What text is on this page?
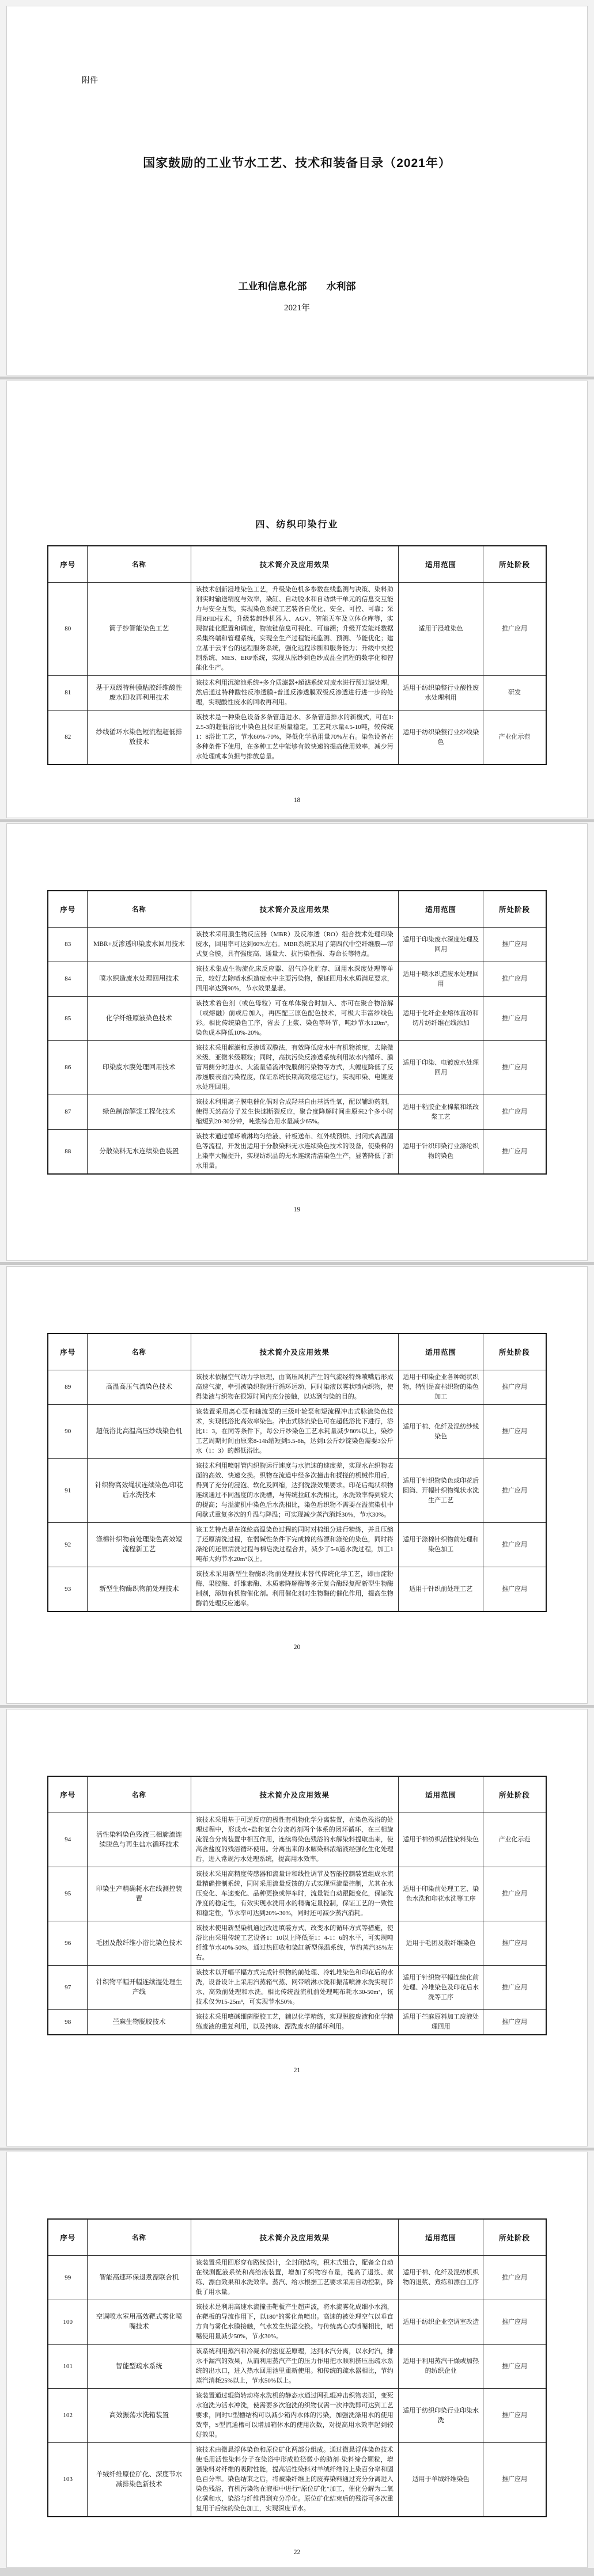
附件
国家鼓励的工业节水工艺、技术和装备目录（2021年）
工业和信息化部　　水利部
2021年
四、纺织印染行业
序号	名称	技术简介及应用效果	适用范围	所处阶段
80	筒子纱智能染色工艺	该技术创新浸堆染色工艺，升级染色机多参数在线监测与决策、染料助剂实时输送精度与效率，染缸、自动脱水和自动烘干单元的信息交互能力与安全互锁，实现染色系统工艺装备自优化、安全、可控、可靠；采用RFID技术，升级装卸纱机器人、AGV、智能天车及立体仓库等，实现智能化配置和调度，物流链信息可视化、可追溯；升级开发能耗数据采集终端和管理系统，实现全生产过程能耗监测、预测、节能优化；建立基于云平台的远程服务系统，强化远程诊断和服务能力；升级中央控制系统、MES、ERP系统，实现从原纱到色纱成品全流程的数字化和智能化生产。	适用于浸堆染色	推广应用
81	基于双级特种膜粘胶纤维酸性废水回收再利用技术	该技术利用沉淀池系统+多介质滤器+超滤系统对废水进行预过滤处理，然后通过特种酸性反渗透膜+普通反渗透膜双级反渗透进行进一步的处理，实现酸性废水的回收再利用。	适用于纺织染整行业酸性废水处理利用	研发
82	纱线循环水染色短流程超低排放技术	该技术是一种染色设备多条管道进水、多条管道排水的新模式，可在1:2.5-3的超低浴比中染色且保证质量稳定，工艺耗水量4.5-10吨，较传统1：8浴比工艺，节水60%-70%，降低化学品用量70%左右。染色设备在多种条件下使用，在多种工艺中能够有效快速的提高使用效率，减少污水处理成本负担与排放总量。	适用于纺织染整行业纱线染色	产业化示范
18
序号	名称	技术简介及应用效果	适用范围	所处阶段
83	MBR+反渗透印染废水回用技术	该技术采用膜生物反应器（MBR）及反渗透（RO）组合技术处理印染废水，回用率可达到60%左右。MBR系统采用了第四代中空纤维膜—帘式复合膜，具有强度高、通量大、抗污染性强、寿命长等特点。	适用于印染废水深度处理及回用	推广应用
84	喷水织造废水处理回用技术	该技术集成生物流化床反应器、沼气净化贮存、回用水深度处理等单元，较好去除喷水织造废水中主要污染物，保证回用水水质满足要求，回用率达到90%，节水效果显著。	适用于喷水织造废水处理回用	推广应用
85	化学纤维原液染色技术	该技术着色剂（或色母粒）可在单体聚合时加入、亦可在聚合物溶解（或熔融）前或后加入，再匹配三原色配色技术，可极大丰富纱线色彩。相比传统染色工序，省去了上浆、染色等环节，吨纱节水120m³，染色成本降低10%-20%。	适用于化纤企业熔体直纺和切片纺纤维在线添加	推广应用
86	印染废水膜处理回用技术	该技术采用超滤和反渗透双膜法，有效降低废水中有机物浓度，去除微米级、亚微米级颗粒；同时，高抗污染反渗透系统利用浓水内循环、膜管两侧分时进水、大流量错流冲洗膜侧污染物等方式，大幅度降低了反渗透膜表面污染程度，保证系统长期高效稳定运行，实现印染、电镀废水处理回用。	适用于印染、电镀废水处理回用	推广应用
87	绿色制溶解浆工程化技术	该技术利用离子膜电催化偶对合成羟基自由基活性氧，配以辅助药剂，使得天然高分子发生快速断裂反应，聚合度降解时间由原来2个多小时缩短到20-30分钟，吨浆综合用水量减少65%。	适用于粘胶企业棉浆和纸改浆工艺	推广应用
88	分散染料无水连续染色装置	该技术通过循环喷淋均匀给液、针板送布、红外线预烘、封闭式高温固色等流程，开发出适用于分散染料无水连续染色技术的设备，使染料的上染率大幅提升，实现纺织品的无水连续清洁染色生产，显著降低了新水用量。	适用于针织印染行业涤纶织物的染色	推广应用
19
序号	名称	技术简介及应用效果	适用范围	所处阶段
89	高温高压气流染色技术	该技术依据空气动力学原理，由高压风机产生的气流经特殊喷嘴后形成高速气流，牵引被染织物进行循环运动，同时染液以雾状喷向织物，使得染液与织物在很短时间内充分接触，以达到匀染的目的。	适用于印染企业各种绳状织物，特别是高档织物的染色加工	推广应用
90	超低浴比高温高压纱线染色机	该装置采用离心泵和轴流泵的三级叶轮泵和短流程冲击式脉流染色技术，实现低浴比高效率染色。冲击式脉流染色可在超低浴比下进行，浴比1：3，在同等条件下，每公斤纱染色工艺水耗量减少80%以上，染纱工艺周期时间由原来8-14h缩短到5.5-8h，达到1公斤纱锭染色需要3公斤水（1：3）的超低浴比。	适用于棉、化纤及混纺纱线染色	推广应用
91	针织物高效绳状连续染色/印花后水洗技术	该技术利用喷射管内织物运行速度与水流速的速度差，实现水在织物表面的高效、快速交换。织物在流道中经多次撞击和揉搓的机械作用后，得到了充分的浸泡、软化及回缩，达到洗涤效果要求。印花后绳状织物连续通过不同温度的水洗槽，与传统拉缸水洗相比，水洗效率得到较大的提高；与溢流机中染色后水洗相比，染色后织物不需要在溢流染机中间歇式重复多次的升温与降温；可实现减少蒸汽消耗30%，节水30%。	适用于针织物染色或印花后圆筒、开幅针织物绳状水洗生产工艺	推广应用
92	涤棉针织物前处理染色高效短流程新工艺	该工艺特点是在涤纶高温染色过程的同时对棉组分进行精练，并且压缩了还原清洗过程，在弱碱性条件下完成棉的练漂和涤纶的染色，同时将涤纶的还原清洗过程与棉皂洗过程合并，减少了5-8道水洗过程，加工1吨布大约节水20m³以上。	适用于涤棉针织物前处理和染色加工	推广应用
93	新型生物酶织物前处理技术	该技术采用新型生物酶织物前处理技术替代传统化学工艺，即由淀粉酶、果胶酶、纤维素酶、木质素降解酶等多元复合酶经复配新型生物酶制剂，添加有机物催化剂。利用催化剂对生物酶的催化作用，提高生物酶前处理反应速率。	适用于针织前处理工艺	推广应用
20
序号	名称	技术简介及应用效果	适用范围	所处阶段
94	活性染料染色残液三相旋流连续脱色与再生盐水循环技术	该技术采用基于可逆反应的极性有机物化学分离装置，在染色残浴的处理过程中，形成水+盐和复合分离药剂两个体系的闭环循环，在三相旋流混合分离装置中相互作用，连续将染色残浴的水解染料提取出来，使高含盐度的残浴循环使用。分离出来的水解染料浓缩液经强化生化处理后，进入常规污水处理系统，提高用水效率。	适用于棉纺织活性染料染色	产业化示范
95	印染生产精确耗水在线测控装置	该技术采用高精度传感器和流量计和线性调节及智能控制装置组成水流量精确控制系统，同时采用流量反馈的方式实现恒流量控制，尤其在水压变化、车速变化、品种更换或停车时，流量能自动跟随变化，保证洗净度的稳定性，有效实现水洗用水的精确定量控制，保证工艺的一致性和稳定性，节水率可达到20%-30%，同时还可减少蒸汽消耗。	适用于印染前处理工艺、染色水洗和印花水洗等工序	推广应用
96	毛团及散纤维小浴比染色技术	该技术使用新型染机通过改进填装方式、改变水的循环方式等措施，使浴比由采用传统工艺设备1：10以上降低至1：4-1：6的水平，可实现吨纤维节水40%-50%，通过热回收和染缸新型保温系统，节约蒸汽35%左右。	适用于毛团及散纤维染色	推广应用
97	针织物平幅开幅连续湿处理生产线	该技术以开幅平幅方式完成针织物的前处理、冷轧堆染色和印花后的水洗，设备设计上采用汽蒸箱气蒸、网带喷淋水洗和振荡喷淋水洗实现节水、高效前处理和水洗。相比传统溢流机前处理吨布耗水30-50m³，该技术仅为15-25m³，可实现节水50%。	适用于针织物平幅连续化前处理、冷堆染色及印花后水洗等工序	推广应用
98	苎麻生物脱胶技术	该技术采用嗜碱细菌脱胶工艺，辅以化学精练，实现脱胶废液和化学精练废液的重复利用，以及拷麻、漂洗废水的循环利用。	适用于苎麻原料加工废液处理回用	推广应用
21
序号	名称	技术简介及应用效果	适用范围	所处阶段
99	智能高速环保退煮漂联合机	该装置采用回形穿布路线设计，全封闭结构，积木式组合，配备全自动在线测配液系统和高给液装置，增加了织物容布量，提高了退浆、煮练、漂白效果和水洗效率。蒸汽、给水根据工艺要求采用自动控制，降低了用水量。	适用于棉、化纤及混纺机织物的退浆、煮练和漂白工序	推广应用
100	空调喷水室用高效靶式雾化喷嘴技术	该技术是利用高速水流撞击靶板产生超声波，将水流雾化成细小水滴，在靶板的导流作用下，以180°的雾化角喷出。高速的被处理空气以垂直方向与雾化水膜接触，气水发生热湿交换。与传统离心式喷嘴相比，喷嘴使用量减少50%，节水30%。	适用于纺织企业空调室改造	推广应用
101	智能型疏水系统	该系统利用蒸汽和冷凝水的密度差原理，达到水汽分离，以水封汽，排水不漏汽的效果，从而利用蒸汽产生的压力作用把水顺利挤压出疏水系统的出水口，进入热水回用池里重新使用。和传统的疏水器相比，节约蒸汽消耗25%以上，节水50%以上。	适用于利用蒸汽干燥或加热的纺织企业	推广应用
102	高效振荡水洗箱装置	该装置通过辊筒转动将水洗机的静态水通过网孔辊冲击织物表面，变死水泡洗为活水冲洗，使需要多次泡洗的织物仅需一次冲洗即可达到工艺要求，同时U型槽结构可以减少箱内水体的污染，加强洗涤用水的使用效率，S型流通槽可以增加箱体水的使用次数，对提高用水效率起到较好效果。	适用于纺织印染行业印染水洗	推广应用
103	羊绒纤维原位矿化、深度节水减排染色新技术	该技术由微悬浮体染色和原位矿化两部分组成。通过微悬浮体染色技术使毛用活性染料分子在染浴中形成粒径微小的助剂-染料缔合颗粒，增强染料对纤维的吸附性能，提高活性染料对羊绒纤维的上染百分率和固色百分率。染色结束之后，将被染纤维上的废弃染料通过充分分离进入染色残浴，有机污染物在液相中进行“原位矿化”加工，催化分解为二氧化碳和水，染浴与纤维得到充分净化。原位矿化结束后的残浴可多次重复用于后续的染色加工，实现深度节水。	适用于羊绒纤维染色	推广应用
22
